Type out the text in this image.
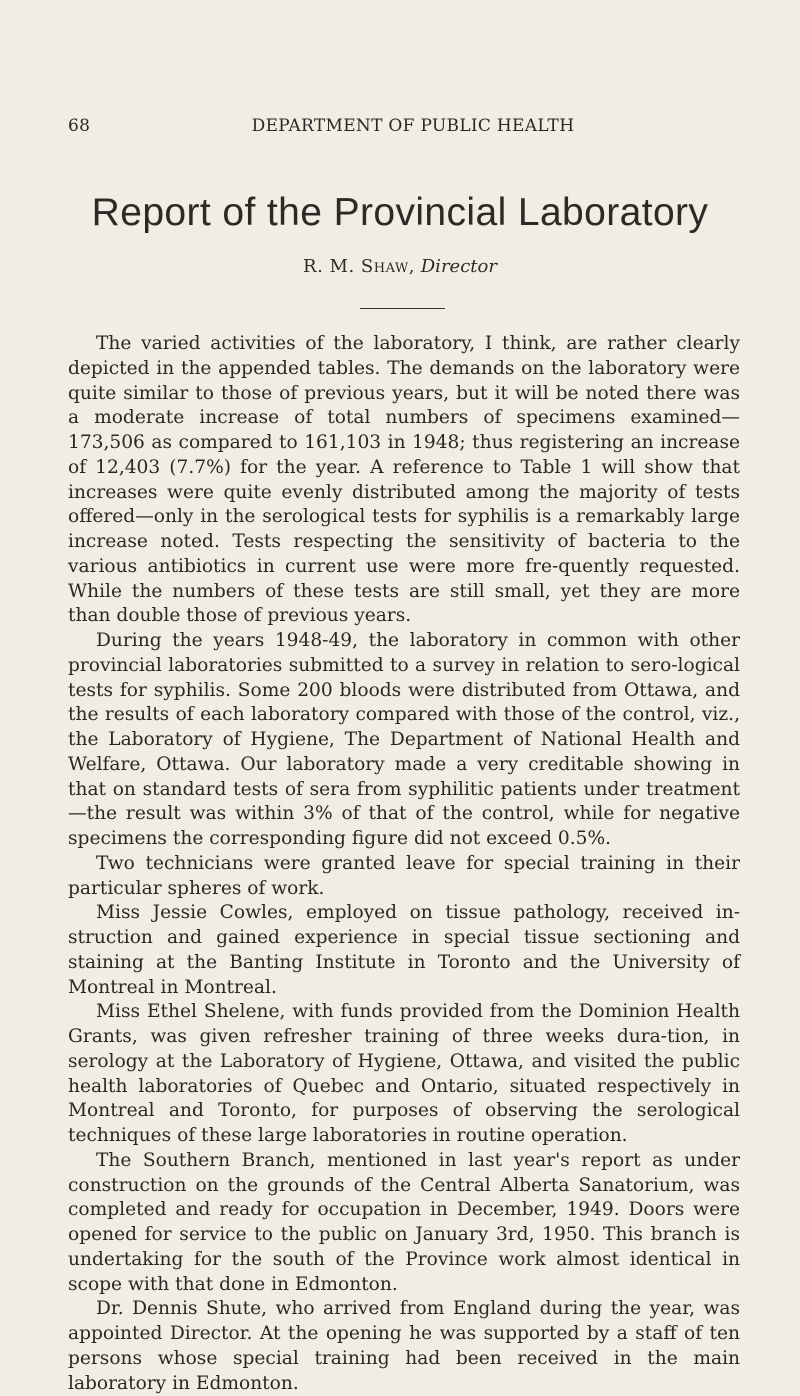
68	DEPARTMENT OF PUBLIC HEALTH
Report of the Provincial Laboratory
R. M. Shaw, Director

The varied activities of the laboratory, I think, are rather clearly depicted in the appended tables. The demands on the laboratory were quite similar to those of previous years, but it will be noted there was a moderate increase of total numbers of specimens examined—173,506 as compared to 161,103 in 1948; thus registering an increase of 12,403 (7.7%) for the year. A reference to Table 1 will show that increases were quite evenly distributed among the majority of tests offered—only in the serological tests for syphilis is a remarkably large increase noted. Tests respecting the sensitivity of bacteria to the various antibiotics in current use were more fre-quently requested. While the numbers of these tests are still small, yet they are more than double those of previous years.

During the years 1948-49, the laboratory in common with other provincial laboratories submitted to a survey in relation to sero-logical tests for syphilis. Some 200 bloods were distributed from Ottawa, and the results of each laboratory compared with those of the control, viz., the Laboratory of Hygiene, The Department of National Health and Welfare, Ottawa. Our laboratory made a very creditable showing in that on standard tests of sera from syphilitic patients under treatment—the result was within 3% of that of the control, while for negative specimens the corresponding figure did not exceed 0.5%.

Two technicians were granted leave for special training in their particular spheres of work.

Miss Jessie Cowles, employed on tissue pathology, received in-struction and gained experience in special tissue sectioning and staining at the Banting Institute in Toronto and the University of Montreal in Montreal.

Miss Ethel Shelene, with funds provided from the Dominion Health Grants, was given refresher training of three weeks dura-tion, in serology at the Laboratory of Hygiene, Ottawa, and visited the public health laboratories of Quebec and Ontario, situated respectively in Montreal and Toronto, for purposes of observing the serological techniques of these large laboratories in routine operation.

The Southern Branch, mentioned in last year's report as under construction on the grounds of the Central Alberta Sanatorium, was completed and ready for occupation in December, 1949. Doors were opened for service to the public on January 3rd, 1950. This branch is undertaking for the south of the Province work almost identical in scope with that done in Edmonton.

Dr. Dennis Shute, who arrived from England during the year, was appointed Director. At the opening he was supported by a staff of ten persons whose special training had been received in the main laboratory in Edmonton.
